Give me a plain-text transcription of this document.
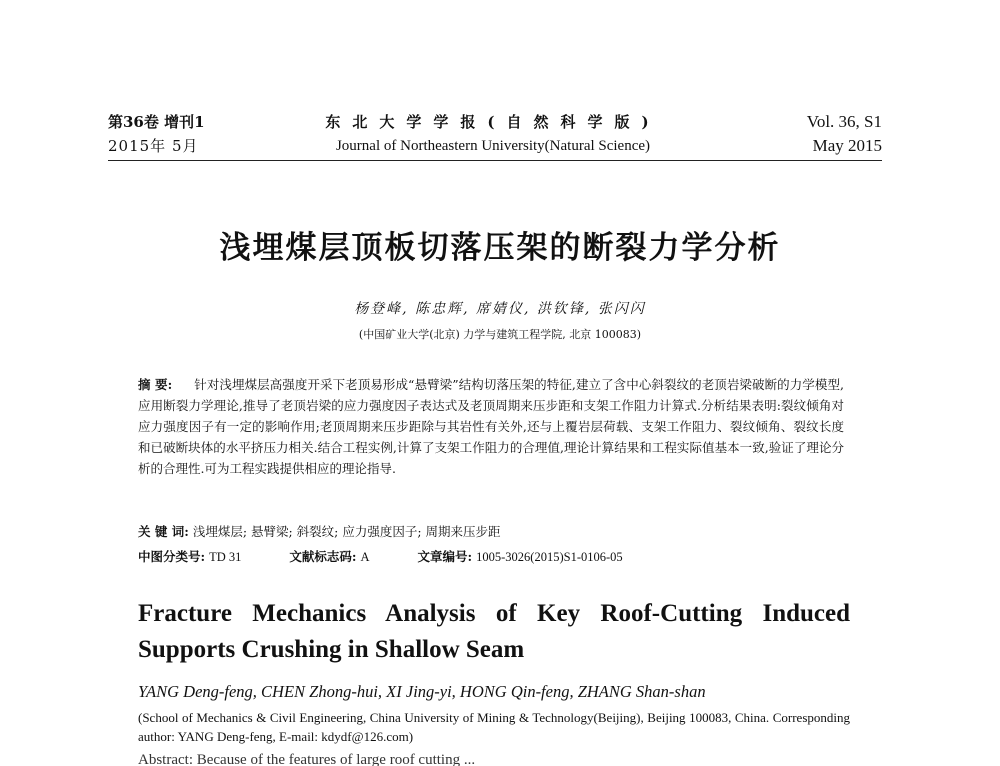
第36卷 增刊1
2015年 5月
东北大学学报(自然科学版)
Journal of Northeastern University(Natural Science)
Vol. 36, S1
May 2015
浅埋煤层顶板切落压架的断裂力学分析
杨登峰, 陈忠辉, 席婧仪, 洪钦锋, 张闪闪
(中国矿业大学(北京) 力学与建筑工程学院, 北京 100083)
摘 要: 针对浅埋煤层高强度开采下老顶易形成“悬臂梁”结构切落压架的特征,建立了含中心斜裂纹的老顶岩梁破断的力学模型,应用断裂力学理论,推导了老顶岩梁的应力强度因子表达式及老顶周期来压步距和支架工作阻力计算式.分析结果表明:裂纹倾角对应力强度因子有一定的影响作用;老顶周期来压步距除与其岩性有关外,还与上覆岩层荷载、支架工作阻力、裂纹倾角、裂纹长度和已破断块体的水平挤压力相关.结合工程实例,计算了支架工作阻力的合理值,理论计算结果和工程实际值基本一致,验证了理论分析的合理性.可为工程实践提供相应的理论指导.
关 键 词: 浅埋煤层; 悬臂梁; 斜裂纹; 应力强度因子; 周期来压步距
中图分类号: TD 31	文献标志码: A	文章编号: 1005-3026(2015)S1-0106-05
Fracture Mechanics Analysis of Key Roof-Cutting Induced Supports Crushing in Shallow Seam
YANG Deng-feng, CHEN Zhong-hui, XI Jing-yi, HONG Qin-feng, ZHANG Shan-shan
(School of Mechanics & Civil Engineering, China University of Mining & Technology(Beijing), Beijing 100083, China. Corresponding author: YANG Deng-feng, E-mail: kdydf@126.com)
Abstract: Because of the features of large roof cutting ...
